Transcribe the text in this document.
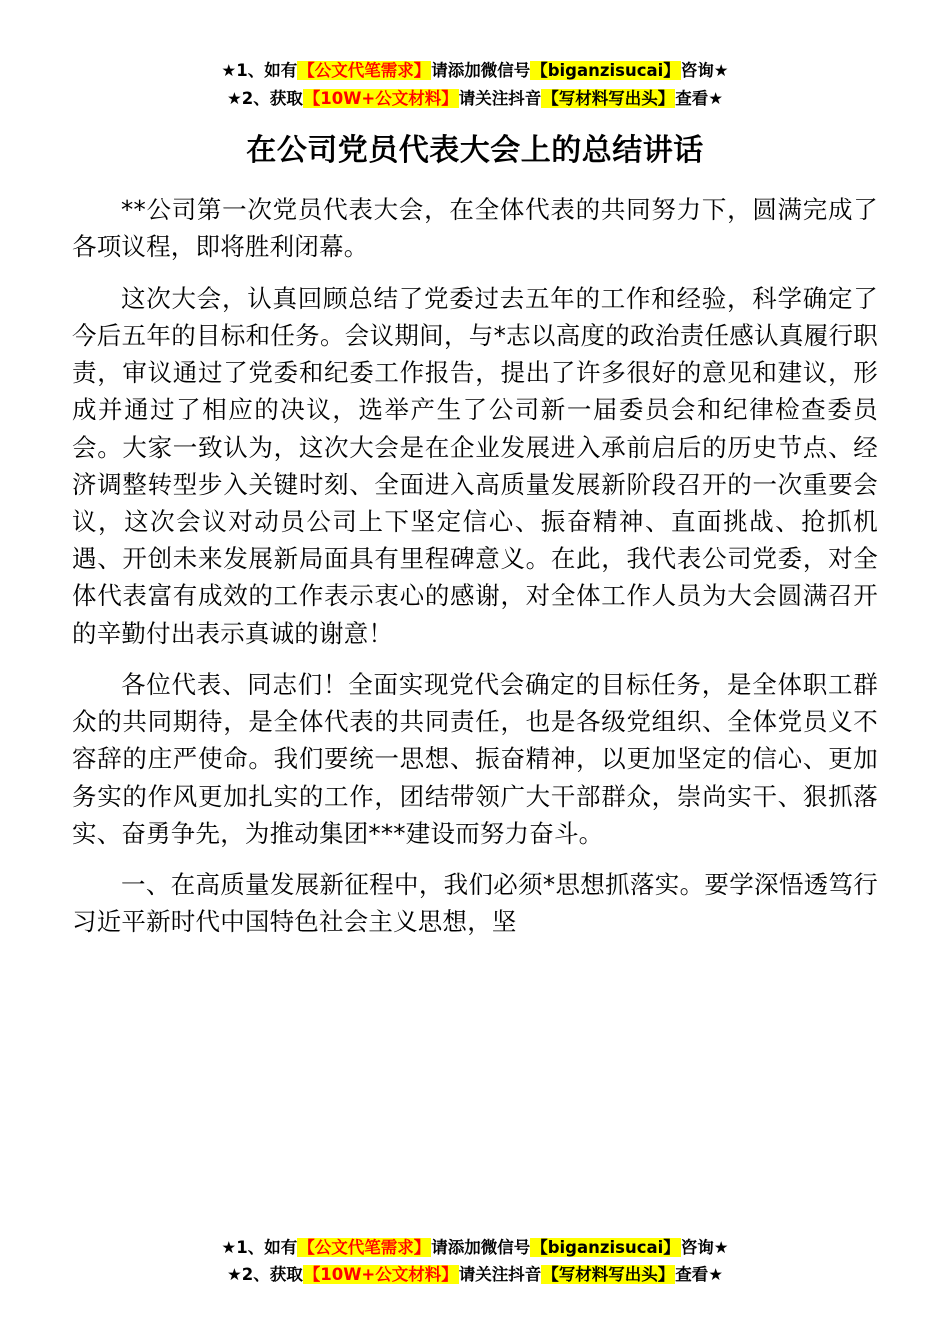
★1、如有【公文代笔需求】请添加微信号【biganzisucai】咨询★
★2、获取【10W+公文材料】请关注抖音【写材料写出头】查看★
在公司党员代表大会上的总结讲话

**公司第一次党员代表大会，在全体代表的共同努力下，圆满完成了各项议程，即将胜利闭幕。

这次大会，认真回顾总结了党委过去五年的工作和经验，科学确定了今后五年的目标和任务。会议期间，与*志以高度的政治责任感认真履行职责，审议通过了党委和纪委工作报告，提出了许多很好的意见和建议，形成并通过了相应的决议，选举产生了公司新一届委员会和纪律检查委员会。大家一致认为，这次大会是在企业发展进入承前启后的历史节点、经济调整转型步入关键时刻、全面进入高质量发展新阶段召开的一次重要会议，这次会议对动员公司上下坚定信心、振奋精神、直面挑战、抢抓机遇、开创未来发展新局面具有里程碑意义。在此，我代表公司党委，对全体代表富有成效的工作表示衷心的感谢，对全体工作人员为大会圆满召开的辛勤付出表示真诚的谢意！

各位代表、同志们！全面实现党代会确定的目标任务，是全体职工群众的共同期待，是全体代表的共同责任，也是各级党组织、全体党员义不容辞的庄严使命。我们要统一思想、振奋精神，以更加坚定的信心、更加务实的作风更加扎实的工作，团结带领广大干部群众，崇尚实干、狠抓落实、奋勇争先，为推动集团***建设而努力奋斗。

一、在高质量发展新征程中，我们必须*思想抓落实。要学深悟透笃行习近平新时代中国特色社会主义思想，坚

★1、如有【公文代笔需求】请添加微信号【biganzisucai】咨询★
★2、获取【10W+公文材料】请关注抖音【写材料写出头】查看★
